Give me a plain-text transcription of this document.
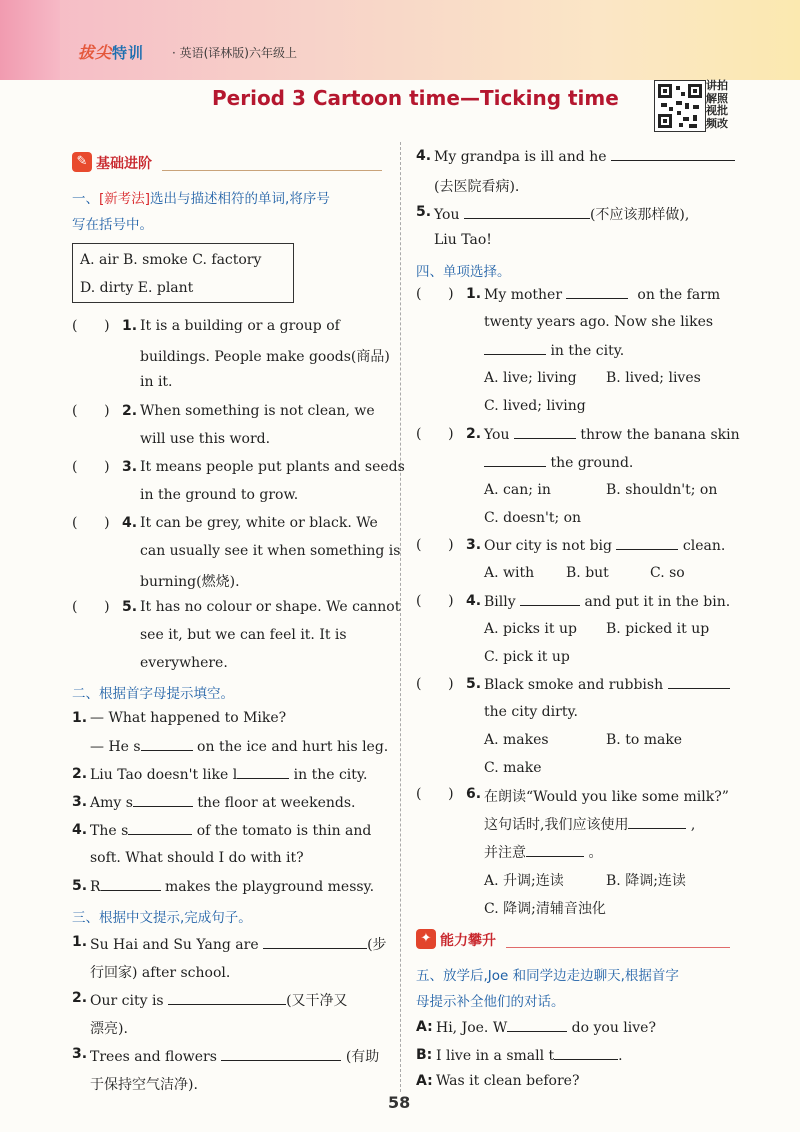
拔尖特训 · 英语(译林版)六年级上
Period 3 Cartoon time—Ticking time
讲拍解照视批频改
✎ 基础进阶
一、[新考法]选出与描述相符的单词,将序号
写在括号中。
A. air B. smoke C. factory
D. dirty E. plant
(      ) 1. It is a building or a group of
buildings. People make goods(商品)
in it.
(      ) 2. When something is not clean, we
will use this word.
(      ) 3. It means people put plants and seeds
in the ground to grow.
(      ) 4. It can be grey, white or black. We
can usually see it when something is
burning(燃烧).
(      ) 5. It has no colour or shape. We cannot
see it, but we can feel it. It is
everywhere.
二、根据首字母提示填空。
1. — What happened to Mike?
— He s	on the ice and hurt his leg.
2. Liu Tao doesn't like l	in the city.
3. Amy s	the floor at weekends.
4. The s	of the tomato is thin and
soft. What should I do with it?
5. R	makes the playground messy.
三、根据中文提示,完成句子。
1. Su Hai and Su Yang are	(步
行回家) after school.
2. Our city is	(又干净又
漂亮).
3. Trees and flowers	(有助
于保持空气洁净).
4. My grandpa is ill and he
(去医院看病).
5. You	(不应该那样做),
Liu Tao!
四、单项选择。
(      ) 1. My mother	on the farm
twenty years ago. Now she likes
in the city.
A. live; living B. lived; lives
C. lived; living
(      ) 2. You	throw the banana skin
the ground.
A. can; in	B. shouldn't; on
C. doesn't; on
(      ) 3. Our city is not big	clean.
A. with B. but	C. so
(      ) 4. Billy	and put it in the bin.
A. picks it up B. picked it up
C. pick it up
(      ) 5. Black smoke and rubbish
the city dirty.
A. makes	B. to make
C. make
(      ) 6. 在朗读“Would you like some milk?”
这句话时,我们应该使用	,
并注意	。
A. 升调;连读	B. 降调;连读
C. 降调;清辅音浊化
✦ 能力攀升
五、放学后,Joe 和同学边走边聊天,根据首字
母提示补全他们的对话。
A: Hi, Joe. W	do you live?
B: I live in a small t	.
A: Was it clean before?
58
